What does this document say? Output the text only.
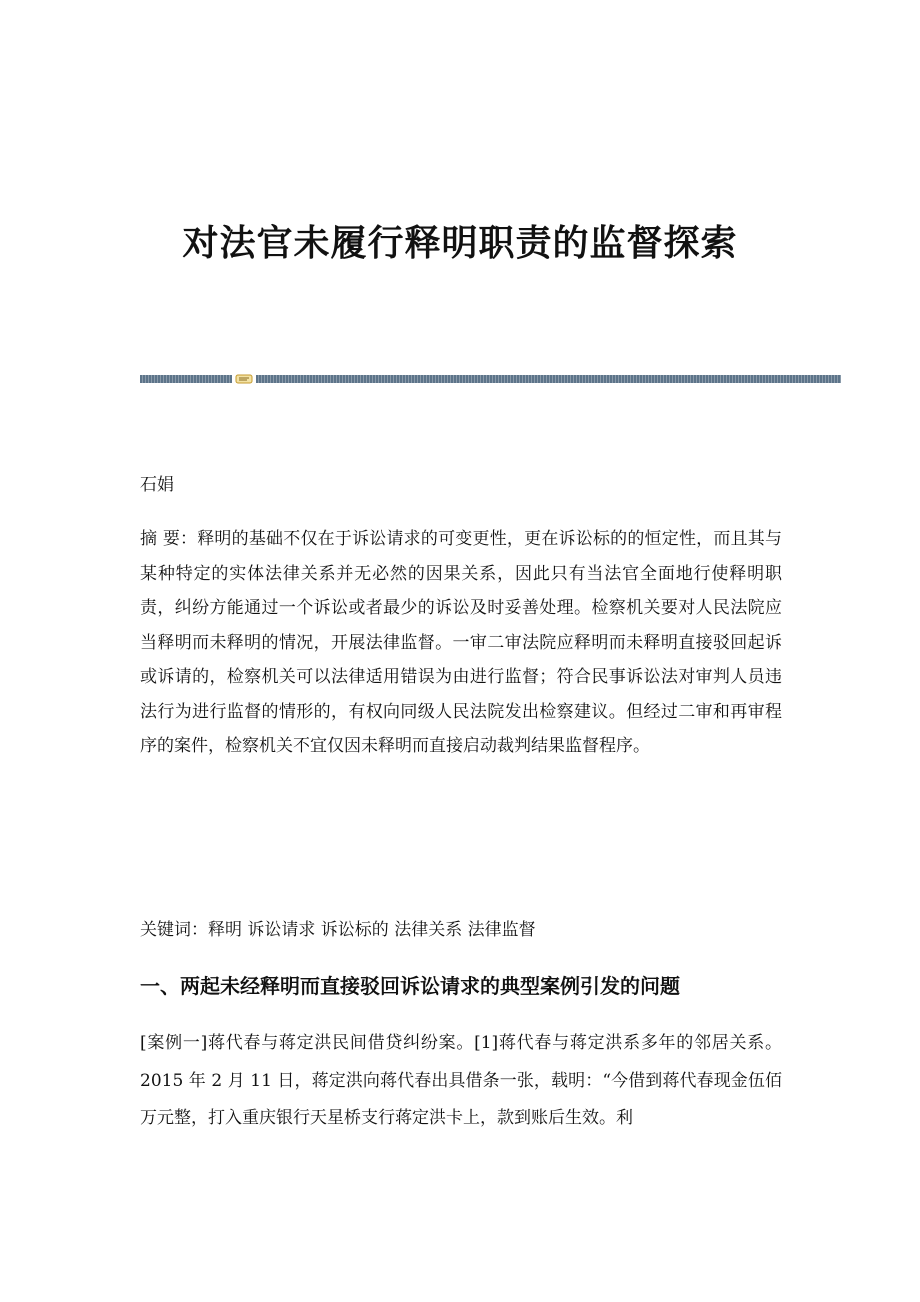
对法官未履行释明职责的监督探索

石娟

摘 要：释明的基础不仅在于诉讼请求的可变更性，更在诉讼标的的恒定性，而且其与某种特定的实体法律关系并无必然的因果关系，因此只有当法官全面地行使释明职责，纠纷方能通过一个诉讼或者最少的诉讼及时妥善处理。检察机关要对人民法院应当释明而未释明的情况，开展法律监督。一审二审法院应释明而未释明直接驳回起诉或诉请的，检察机关可以法律适用错误为由进行监督；符合民事诉讼法对审判人员违法行为进行监督的情形的，有权向同级人民法院发出检察建议。但经过二审和再审程序的案件，检察机关不宜仅因未释明而直接启动裁判结果监督程序。

关键词：释明 诉讼请求 诉讼标的 法律关系 法律监督

一、两起未经释明而直接驳回诉讼请求的典型案例引发的问题

[案例一]蒋代春与蒋定洪民间借贷纠纷案。[1]蒋代春与蒋定洪系多年的邻居关系。2015 年 2 月 11 日，蒋定洪向蒋代春出具借条一张，载明：“今借到蒋代春现金伍佰万元整，打入重庆银行天星桥支行蒋定洪卡上，款到账后生效。利
